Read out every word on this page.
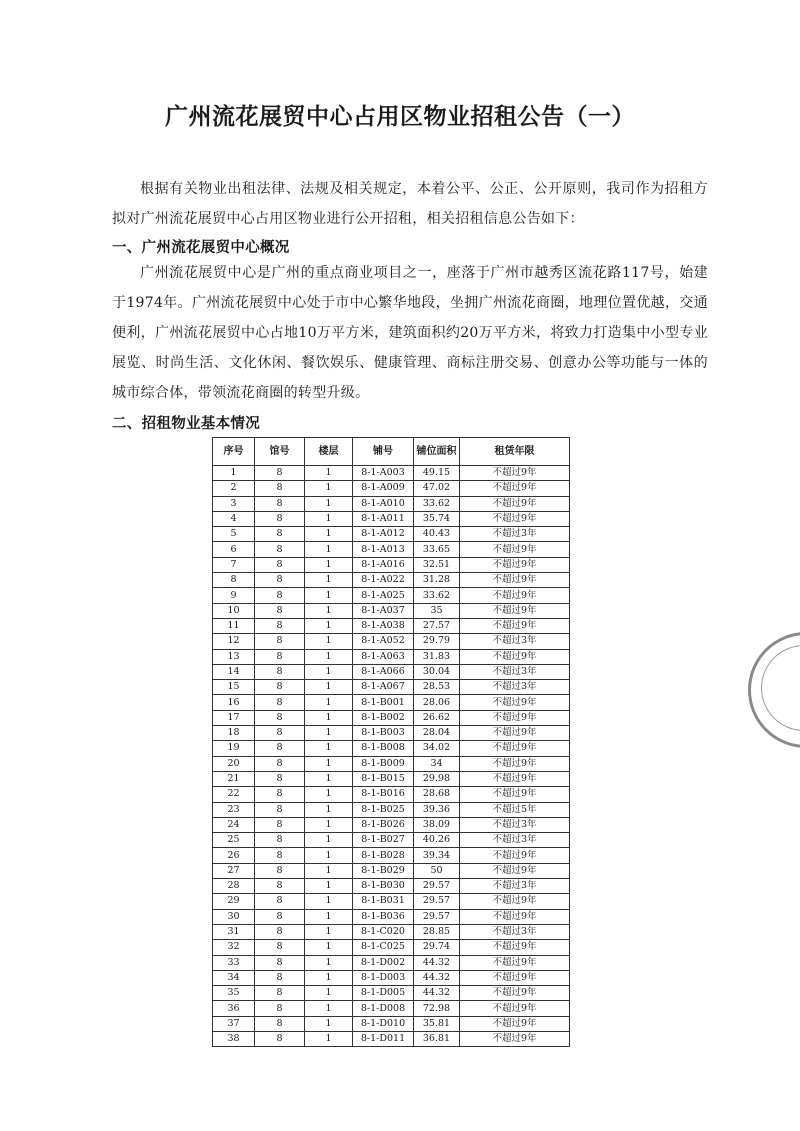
广州流花展贸中心占用区物业招租公告（一）

根据有关物业出租法律、法规及相关规定，本着公平、公正、公开原则，我司作为招租方拟对广州流花展贸中心占用区物业进行公开招租，相关招租信息公告如下：

一、广州流花展贸中心概况

广州流花展贸中心是广州的重点商业项目之一，座落于广州市越秀区流花路117号，始建于1974年。广州流花展贸中心处于市中心繁华地段，坐拥广州流花商圈，地理位置优越，交通便利，广州流花展贸中心占地10万平方米，建筑面积约20万平方米，将致力打造集中小型专业展览、时尚生活、文化休闲、餐饮娱乐、健康管理、商标注册交易、创意办公等功能与一体的城市综合体，带领流花商圈的转型升级。

二、招租物业基本情况
序号	馆号	楼层	铺号	铺位面积	租赁年限
1	8	1	8-1-A003	49.15	不超过9年
2	8	1	8-1-A009	47.02	不超过9年
3	8	1	8-1-A010	33.62	不超过9年
4	8	1	8-1-A011	35.74	不超过9年
5	8	1	8-1-A012	40.43	不超过3年
6	8	1	8-1-A013	33.65	不超过9年
7	8	1	8-1-A016	32.51	不超过9年
8	8	1	8-1-A022	31.28	不超过9年
9	8	1	8-1-A025	33.62	不超过9年
10	8	1	8-1-A037	35	不超过9年
11	8	1	8-1-A038	27.57	不超过9年
12	8	1	8-1-A052	29.79	不超过3年
13	8	1	8-1-A063	31.83	不超过9年
14	8	1	8-1-A066	30.04	不超过3年
15	8	1	8-1-A067	28.53	不超过3年
16	8	1	8-1-B001	28.06	不超过9年
17	8	1	8-1-B002	26.62	不超过9年
18	8	1	8-1-B003	28.04	不超过9年
19	8	1	8-1-B008	34.02	不超过9年
20	8	1	8-1-B009	34	不超过9年
21	8	1	8-1-B015	29.98	不超过9年
22	8	1	8-1-B016	28.68	不超过9年
23	8	1	8-1-B025	39.36	不超过5年
24	8	1	8-1-B026	38.09	不超过3年
25	8	1	8-1-B027	40.26	不超过3年
26	8	1	8-1-B028	39.34	不超过9年
27	8	1	8-1-B029	50	不超过9年
28	8	1	8-1-B030	29.57	不超过3年
29	8	1	8-1-B031	29.57	不超过9年
30	8	1	8-1-B036	29.57	不超过9年
31	8	1	8-1-C020	28.85	不超过3年
32	8	1	8-1-C025	29.74	不超过9年
33	8	1	8-1-D002	44.32	不超过9年
34	8	1	8-1-D003	44.32	不超过9年
35	8	1	8-1-D005	44.32	不超过9年
36	8	1	8-1-D008	72.98	不超过9年
37	8	1	8-1-D010	35.81	不超过9年
38	8	1	8-1-D011	36.81	不超过9年
